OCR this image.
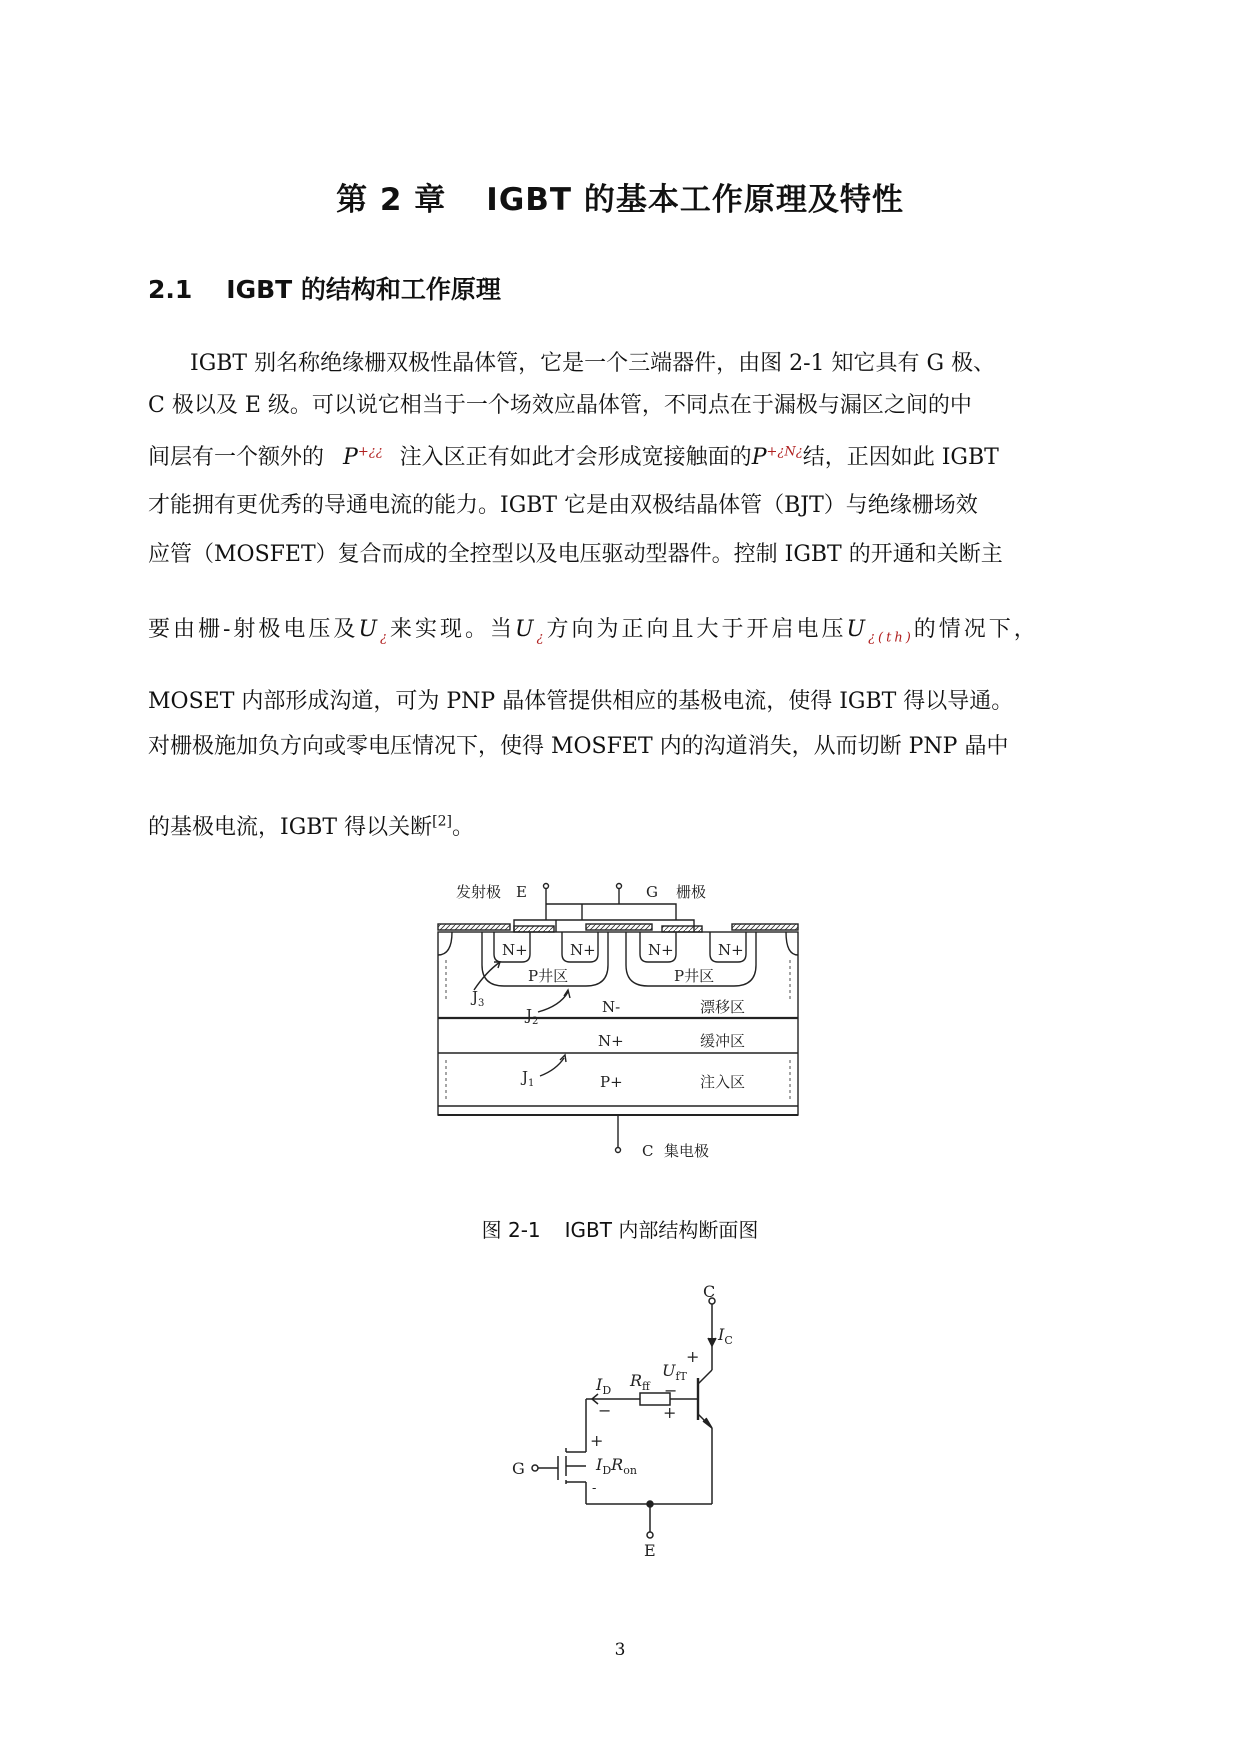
第 2 章 IGBT 的基本工作原理及特性
2.1 IGBT 的结构和工作原理
IGBT 别名称绝缘栅双极性晶体管，它是一个三端器件，由图 2-1 知它具有 G 极、
C 极以及 E 级。可以说它相当于一个场效应晶体管，不同点在于漏极与漏区之间的中
间层有一个额外的 P+¿¿ 注入区正有如此才会形成宽接触面的$P^{+¿N¿}$结，正因如此 IGBT
才能拥有更优秀的导通电流的能力。IGBT 它是由双极结晶体管（BJT）与绝缘栅场效
应管（MOSFET）复合而成的全控型以及电压驱动型器件。控制 IGBT 的开通和关断主
要由栅-射极电压及$U_¿$来实现。当$U_¿$方向为正向且大于开启电压$U_{¿(th)}$的情况下，
MOSET 内部形成沟道，可为 PNP 晶体管提供相应的基极电流，使得 IGBT 得以导通。
对栅极施加负方向或零电压情况下，使得 MOSFET 内的沟道消失，从而切断 PNP 晶中
的基极电流，IGBT 得以关断[2]。
发射极 E	G 栅极
N+	N+	N+	N+
P井区	P井区
N-	漂移区
N+	缓冲区
P+	注入区
$J_3$
$J_2$
$J_1$
C 集电极
图 2-1 IGBT 内部结构断面图
C
$I_C$
+
$U_{fT}$
$R_{ff}$
$I_D$
−
−
+
+
$I_DR_{on}$
-
G
E
3
